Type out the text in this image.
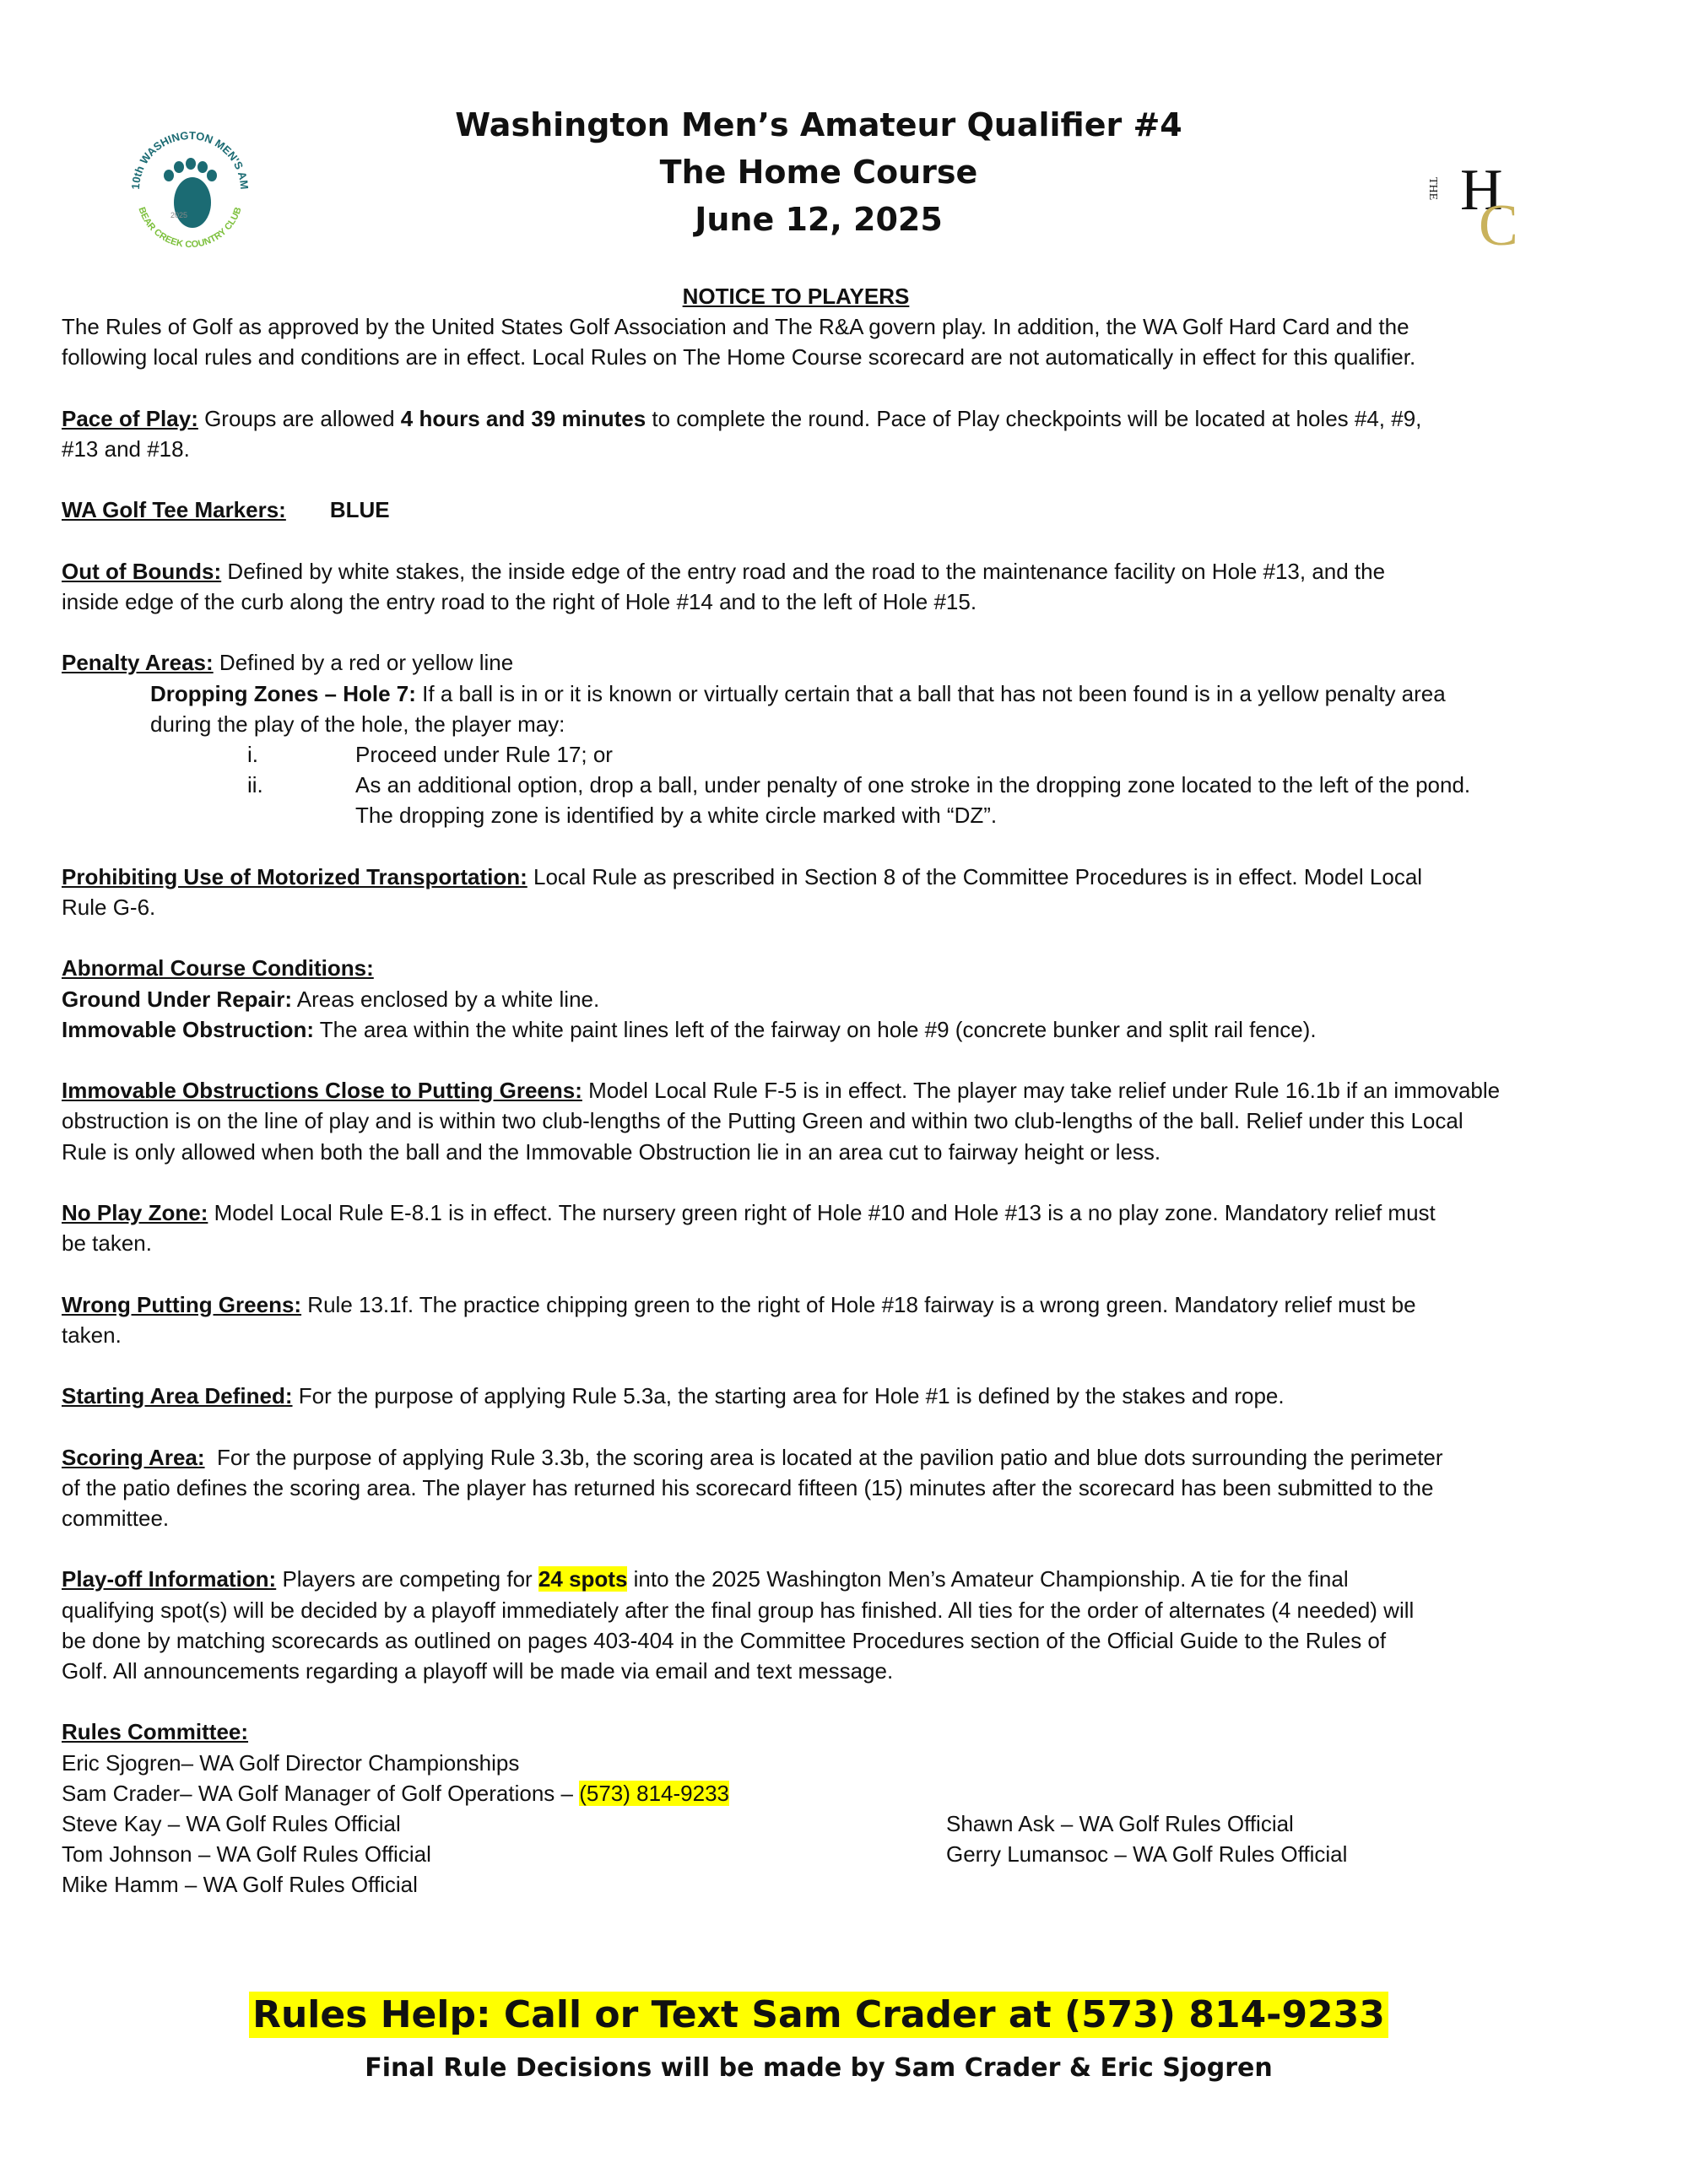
10th WASHINGTON MEN'S AM
BEAR CREEK COUNTRY CLUB
2025
Washington Men’s Amateur Qualifier #4
The Home Course
June 12, 2025
THE H
C

NOTICE TO PLAYERS

The Rules of Golf as approved by the United States Golf Association and The R&A govern play. In addition, the WA Golf Hard Card and the

following local rules and conditions are in effect. Local Rules on The Home Course scorecard are not automatically in effect for this qualifier.

Pace of Play: Groups are allowed 4 hours and 39 minutes to complete the round. Pace of Play checkpoints will be located at holes #4, #9,

#13 and #18.

WA Golf Tee Markers: BLUE

Out of Bounds: Defined by white stakes, the inside edge of the entry road and the road to the maintenance facility on Hole #13, and the

inside edge of the curb along the entry road to the right of Hole #14 and to the left of Hole #15.

Penalty Areas: Defined by a red or yellow line

Dropping Zones – Hole 7: If a ball is in or it is known or virtually certain that a ball that has not been found is in a yellow penalty area

during the play of the hole, the player may:

i.	Proceed under Rule 17; or
ii.	As an additional option, drop a ball, under penalty of one stroke in the dropping zone located to the left of the pond.
The dropping zone is identified by a white circle marked with “DZ”.

Prohibiting Use of Motorized Transportation: Local Rule as prescribed in Section 8 of the Committee Procedures is in effect. Model Local

Rule G-6.

Abnormal Course Conditions:

Ground Under Repair: Areas enclosed by a white line.

Immovable Obstruction: The area within the white paint lines left of the fairway on hole #9 (concrete bunker and split rail fence).

Immovable Obstructions Close to Putting Greens: Model Local Rule F-5 is in effect. The player may take relief under Rule 16.1b if an immovable

obstruction is on the line of play and is within two club-lengths of the Putting Green and within two club-lengths of the ball. Relief under this Local

Rule is only allowed when both the ball and the Immovable Obstruction lie in an area cut to fairway height or less.

No Play Zone: Model Local Rule E-8.1 is in effect. The nursery green right of Hole #10 and Hole #13 is a no play zone. Mandatory relief must

be taken.

Wrong Putting Greens: Rule 13.1f. The practice chipping green to the right of Hole #18 fairway is a wrong green. Mandatory relief must be

taken.

Starting Area Defined: For the purpose of applying Rule 5.3a, the starting area for Hole #1 is defined by the stakes and rope.

Scoring Area:  For the purpose of applying Rule 3.3b, the scoring area is located at the pavilion patio and blue dots surrounding the perimeter

of the patio defines the scoring area. The player has returned his scorecard fifteen (15) minutes after the scorecard has been submitted to the

committee.

Play-off Information: Players are competing for 24 spots into the 2025 Washington Men’s Amateur Championship. A tie for the final

qualifying spot(s) will be decided by a playoff immediately after the final group has finished. All ties for the order of alternates (4 needed) will

be done by matching scorecards as outlined on pages 403-404 in the Committee Procedures section of the Official Guide to the Rules of

Golf. All announcements regarding a playoff will be made via email and text message.

Rules Committee:

Eric Sjogren– WA Golf Director Championships

Sam Crader– WA Golf Manager of Golf Operations – (573) 814-9233

Steve Kay – WA Golf Rules Official

Tom Johnson – WA Golf Rules Official

Mike Hamm – WA Golf Rules Official

Shawn Ask – WA Golf Rules Official

Gerry Lumansoc – WA Golf Rules Official

Rules Help: Call or Text Sam Crader at (573) 814-9233
Final Rule Decisions will be made by Sam Crader & Eric Sjogren
